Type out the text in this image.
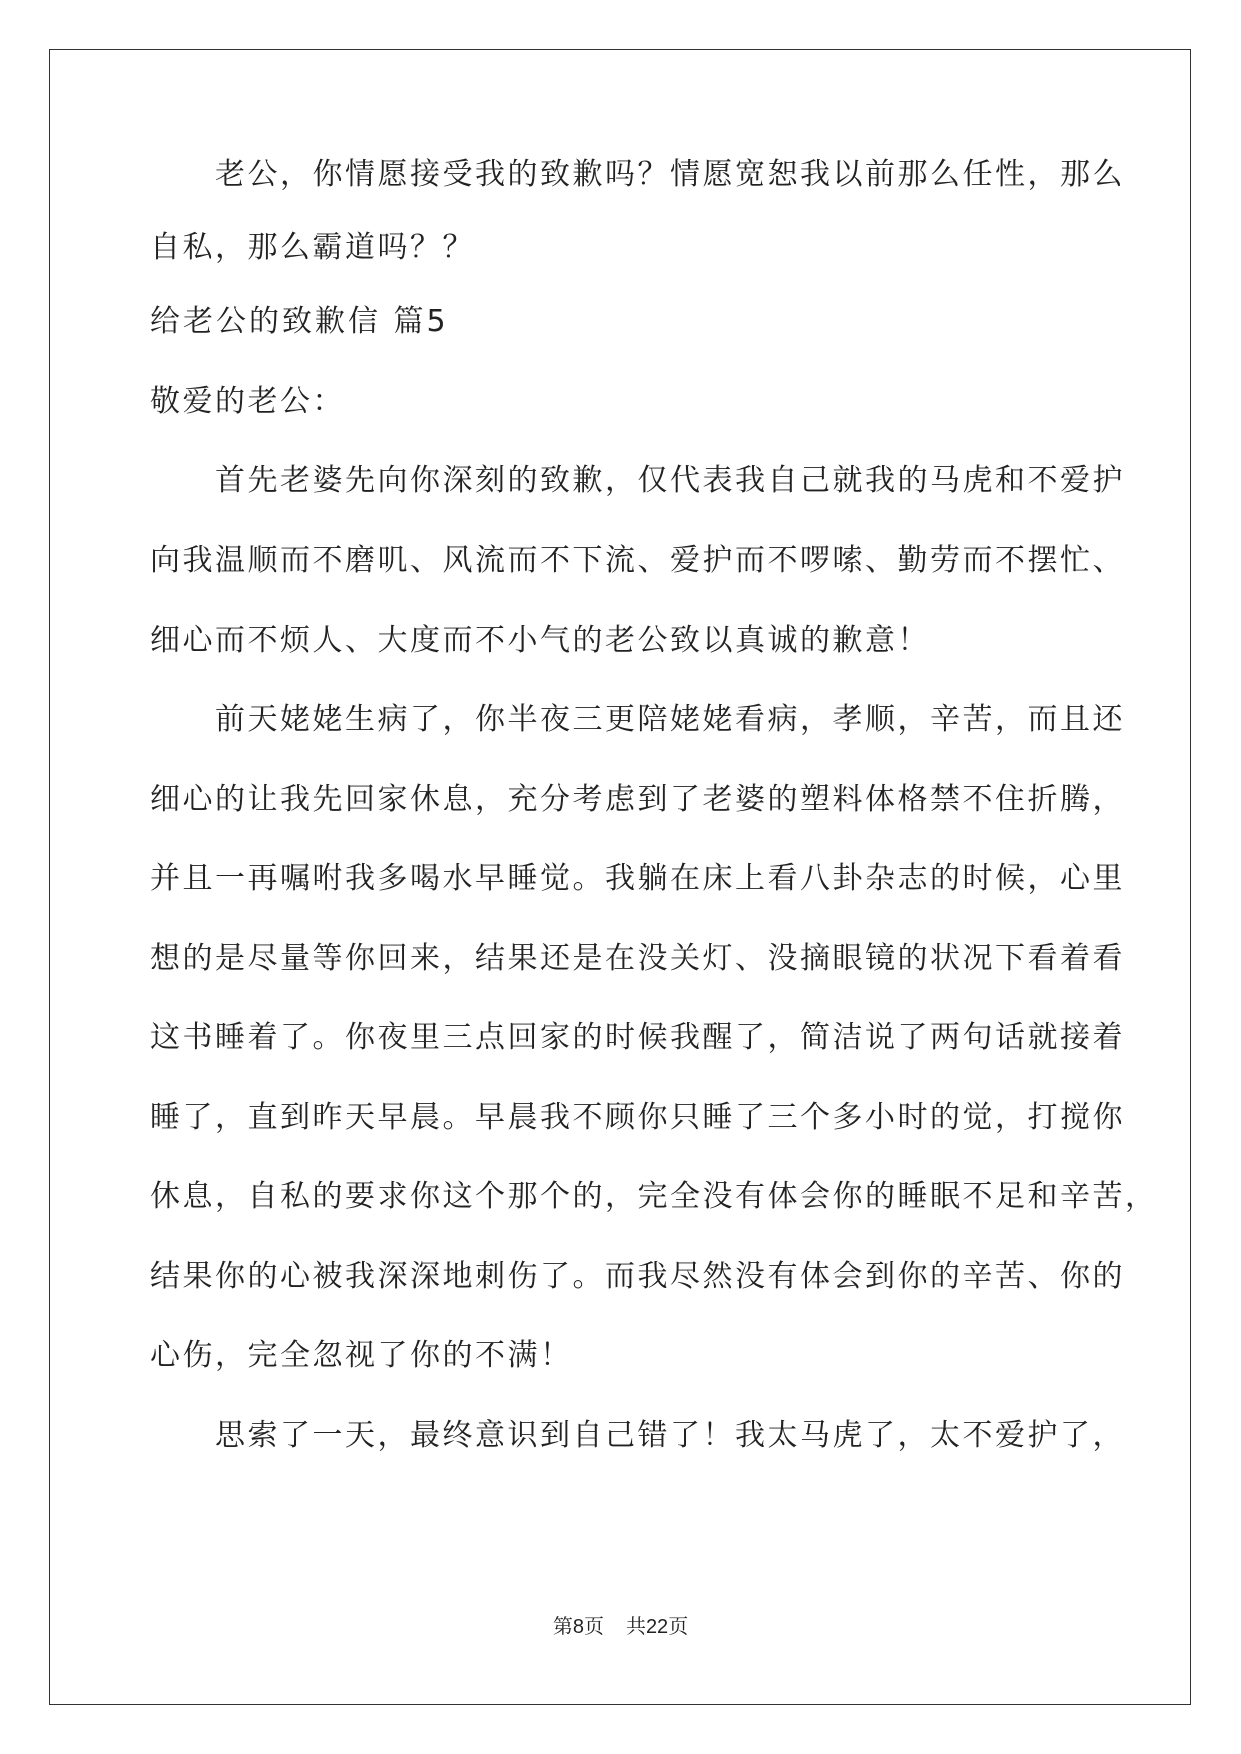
老公，你情愿接受我的致歉吗？情愿宽恕我以前那么任性，那么
自私，那么霸道吗？？
给老公的致歉信 篇5
敬爱的老公：
首先老婆先向你深刻的致歉，仅代表我自己就我的马虎和不爱护
向我温顺而不磨叽、风流而不下流、爱护而不啰嗦、勤劳而不摆忙、
细心而不烦人、大度而不小气的老公致以真诚的歉意！
前天姥姥生病了，你半夜三更陪姥姥看病，孝顺，辛苦，而且还
细心的让我先回家休息，充分考虑到了老婆的塑料体格禁不住折腾，
并且一再嘱咐我多喝水早睡觉。我躺在床上看八卦杂志的时候，心里
想的是尽量等你回来，结果还是在没关灯、没摘眼镜的状况下看着看
这书睡着了。你夜里三点回家的时候我醒了，简洁说了两句话就接着
睡了，直到昨天早晨。早晨我不顾你只睡了三个多小时的觉，打搅你
休息，自私的要求你这个那个的，完全没有体会你的睡眠不足和辛苦，
结果你的心被我深深地刺伤了。而我尽然没有体会到你的辛苦、你的
心伤，完全忽视了你的不满！
思索了一天，最终意识到自己错了！我太马虎了，太不爱护了，
第8页 共22页
